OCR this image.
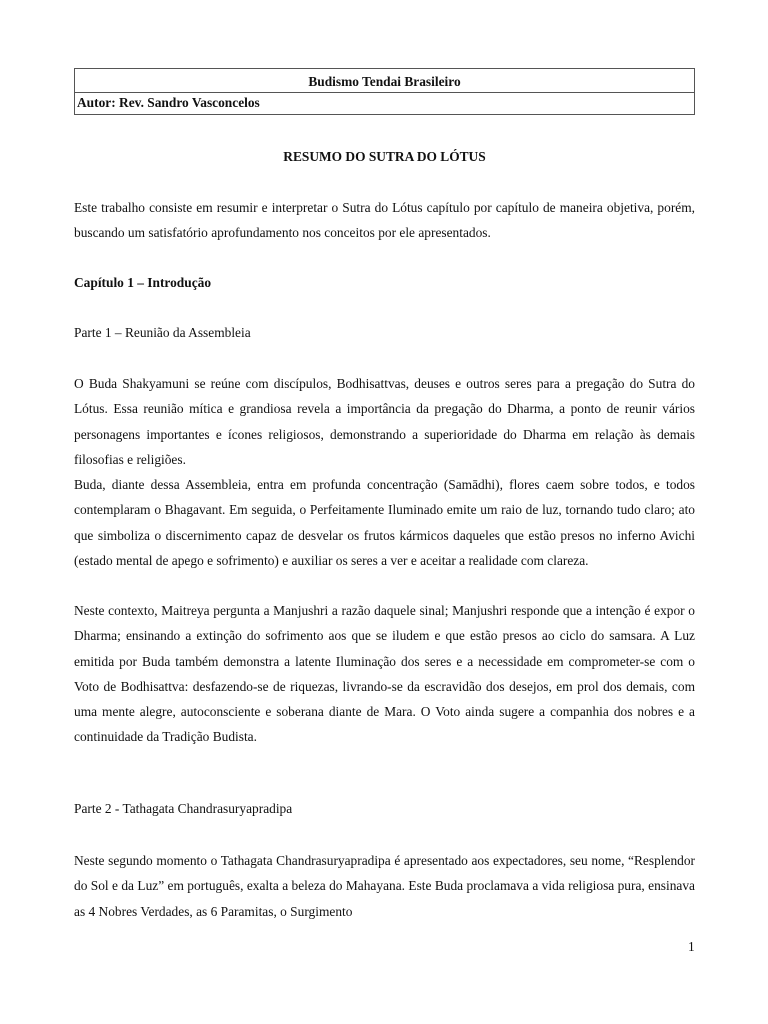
Budismo Tendai Brasileiro
Autor: Rev. Sandro Vasconcelos
RESUMO DO SUTRA DO LÓTUS
Este trabalho consiste em resumir e interpretar o Sutra do Lótus capítulo por capítulo de maneira objetiva, porém, buscando um satisfatório aprofundamento nos conceitos por ele apresentados.
Capítulo 1 – Introdução
Parte 1 – Reunião da Assembleia
O Buda Shakyamuni se reúne com discípulos, Bodhisattvas, deuses e outros seres para a pregação do Sutra do Lótus. Essa reunião mítica e grandiosa revela a importância da pregação do Dharma, a ponto de reunir vários personagens importantes e ícones religiosos, demonstrando a superioridade do Dharma em relação às demais filosofias e religiões.
Buda, diante dessa Assembleia, entra em profunda concentração (Samādhi), flores caem sobre todos, e todos contemplaram o Bhagavant. Em seguida, o Perfeitamente Iluminado emite um raio de luz, tornando tudo claro; ato que simboliza o discernimento capaz de desvelar os frutos kármicos daqueles que estão presos no inferno Avichi (estado mental de apego e sofrimento) e auxiliar os seres a ver e aceitar a realidade com clareza.
Neste contexto, Maitreya pergunta a Manjushri a razão daquele sinal; Manjushri responde que a intenção é expor o Dharma; ensinando a extinção do sofrimento aos que se iludem e que estão presos ao ciclo do samsara. A Luz emitida por Buda também demonstra a latente Iluminação dos seres e a necessidade em comprometer-se com o Voto de Bodhisattva: desfazendo-se de riquezas, livrando-se da escravidão dos desejos, em prol dos demais, com uma mente alegre, autoconsciente e soberana diante de Mara. O Voto ainda sugere a companhia dos nobres e a continuidade da Tradição Budista.
Parte 2 - Tathagata Chandrasuryapradipa
Neste segundo momento o Tathagata Chandrasuryapradipa é apresentado aos expectadores, seu nome, “Resplendor do Sol e da Luz” em português, exalta a beleza do Mahayana. Este Buda proclamava a vida religiosa pura, ensinava as 4 Nobres Verdades, as 6 Paramitas, o Surgimento
1
